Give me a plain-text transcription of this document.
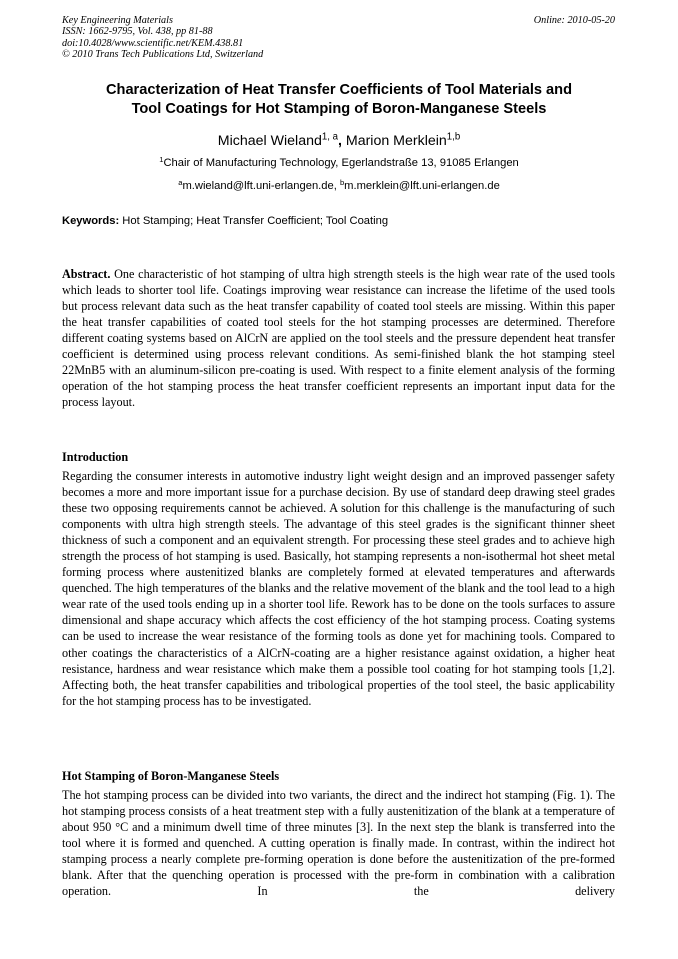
Key Engineering Materials
ISSN: 1662-9795, Vol. 438, pp 81-88
doi:10.4028/www.scientific.net/KEM.438.81
© 2010 Trans Tech Publications Ltd, Switzerland
Online: 2010-05-20
Characterization of Heat Transfer Coefficients of Tool Materials and
Tool Coatings for Hot Stamping of Boron-Manganese Steels
Michael Wieland$^{1, a}$, Marion Merklein$^{1,b}$
$^1$Chair of Manufacturing Technology, Egerlandstraße 13, 91085 Erlangen
$^a$m.wieland@lft.uni-erlangen.de, $^b$m.merklein@lft.uni-erlangen.de
Keywords: Hot Stamping; Heat Transfer Coefficient; Tool Coating

Abstract. One characteristic of hot stamping of ultra high strength steels is the high wear rate of the used tools which leads to shorter tool life. Coatings improving wear resistance can increase the lifetime of the used tools but process relevant data such as the heat transfer capability of coated tool steels are missing. Within this paper the heat transfer capabilities of coated tool steels for the hot stamping processes are determined. Therefore different coating systems based on AlCrN are applied on the tool steels and the pressure dependent heat transfer coefficient is determined using process relevant conditions. As semi-finished blank the hot stamping steel 22MnB5 with an aluminum-silicon pre-coating is used. With respect to a finite element analysis of the forming operation of the hot stamping process the heat transfer coefficient represents an important input data for the process layout.

Introduction

Regarding the consumer interests in automotive industry light weight design and an improved passenger safety becomes a more and more important issue for a purchase decision. By use of standard deep drawing steel grades these two opposing requirements cannot be achieved. A solution for this challenge is the manufacturing of such components with ultra high strength steels. The advantage of this steel grades is the significant thinner sheet thickness of such a component and an equivalent strength. For processing these steel grades and to achieve high strength the process of hot stamping is used. Basically, hot stamping represents a non-isothermal hot sheet metal forming process where austenitized blanks are completely formed at elevated temperatures and afterwards quenched. The high temperatures of the blanks and the relative movement of the blank and the tool lead to a high wear rate of the used tools ending up in a shorter tool life. Rework has to be done on the tools surfaces to assure dimensional and shape accuracy which affects the cost efficiency of the hot stamping process. Coating systems can be used to increase the wear resistance of the forming tools as done yet for machining tools. Compared to other coatings the characteristics of a AlCrN-coating are a higher resistance against oxidation, a higher heat resistance, hardness and wear resistance which make them a possible tool coating for hot stamping tools [1,2]. Affecting both, the heat transfer capabilities and tribological properties of the tool steel, the basic applicability for the hot stamping process has to be investigated.

Hot Stamping of Boron-Manganese Steels

The hot stamping process can be divided into two variants, the direct and the indirect hot stamping (Fig. 1). The hot stamping process consists of a heat treatment step with a fully austenitization of the blank at a temperature of about 950 °C and a minimum dwell time of three minutes [3]. In the next step the blank is transferred into the tool where it is formed and quenched. A cutting operation is finally made. In contrast, within the indirect hot stamping process a nearly complete pre-forming operation is done before the austenitization of the pre-formed blank. After that the quenching operation is processed with the pre-form in combination with a calibration operation. In the delivery
